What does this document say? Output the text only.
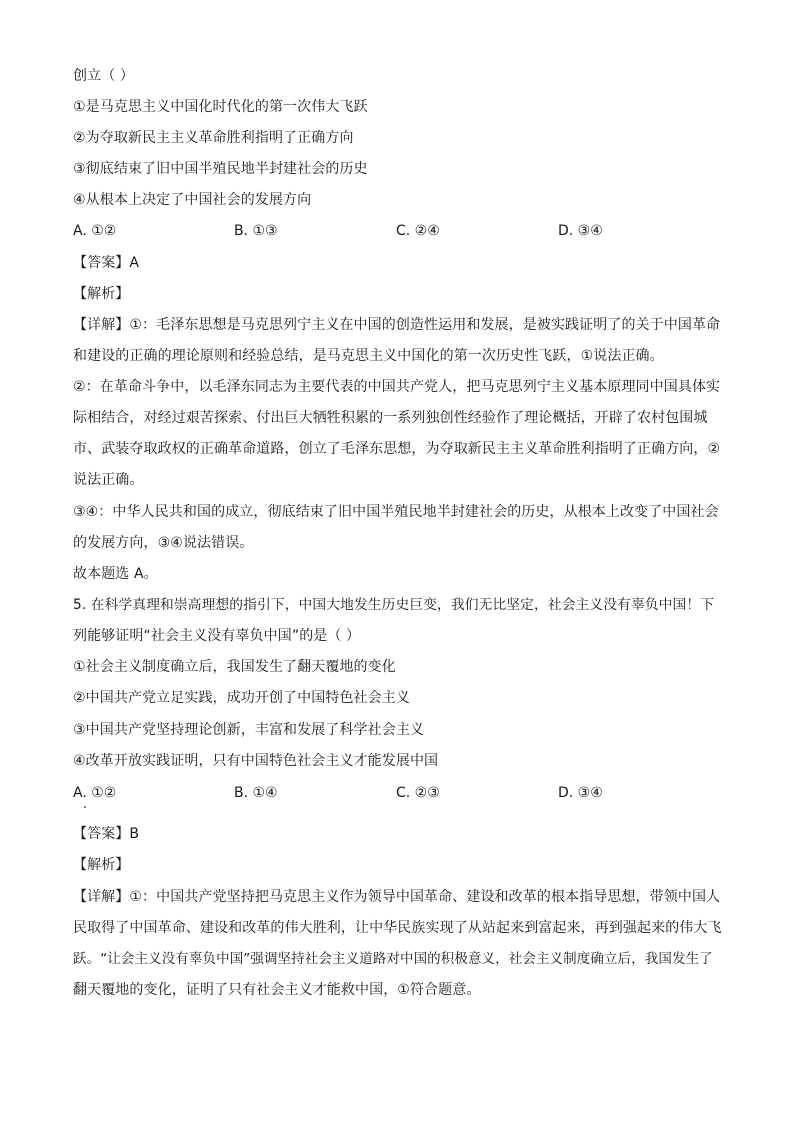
创立（ ）
①是马克思主义中国化时代化的第一次伟大飞跃
②为夺取新民主主义革命胜利指明了正确方向
③彻底结束了旧中国半殖民地半封建社会的历史
④从根本上决定了中国社会的发展方向
A. ①②	B. ①③	C. ②④	D. ③④
【答案】A
【解析】
【详解】①：毛泽东思想是马克思列宁主义在中国的创造性运用和发展，是被实践证明了的关于中国革命
和建设的正确的理论原则和经验总结，是马克思主义中国化的第一次历史性飞跃，①说法正确。
②：在革命斗争中，以毛泽东同志为主要代表的中国共产党人，把马克思列宁主义基本原理同中国具体实
际相结合，对经过艰苦探索、付出巨大牺牲积累的一系列独创性经验作了理论概括，开辟了农村包围城
市、武装夺取政权的正确革命道路，创立了毛泽东思想，为夺取新民主主义革命胜利指明了正确方向，②
说法正确。
③④：中华人民共和国的成立，彻底结束了旧中国半殖民地半封建社会的历史，从根本上改变了中国社会
的发展方向，③④说法错误。
故本题选 A。
5. 在科学真理和崇高理想的指引下，中国大地发生历史巨变，我们无比坚定，社会主义没有辜负中国！下
列能够证明“社会主义没有辜负中国”的是（ ）
①社会主义制度确立后，我国发生了翻天覆地的变化
②中国共产党立足实践，成功开创了中国特色社会主义
③中国共产党坚持理论创新，丰富和发展了科学社会主义
④改革开放实践证明，只有中国特色社会主义才能发展中国
A. ①②	B. ①④	C. ②③	D. ③④
【答案】B
【解析】
【详解】①：中国共产党坚持把马克思主义作为领导中国革命、建设和改革的根本指导思想，带领中国人
民取得了中国革命、建设和改革的伟大胜利，让中华民族实现了从站起来到富起来，再到强起来的伟大飞
跃。“让会主义没有辜负中国”强调坚持社会主义道路对中国的积极意义，社会主义制度确立后，我国发生了
翻天覆地的变化，证明了只有社会主义才能救中国，①符合题意。
